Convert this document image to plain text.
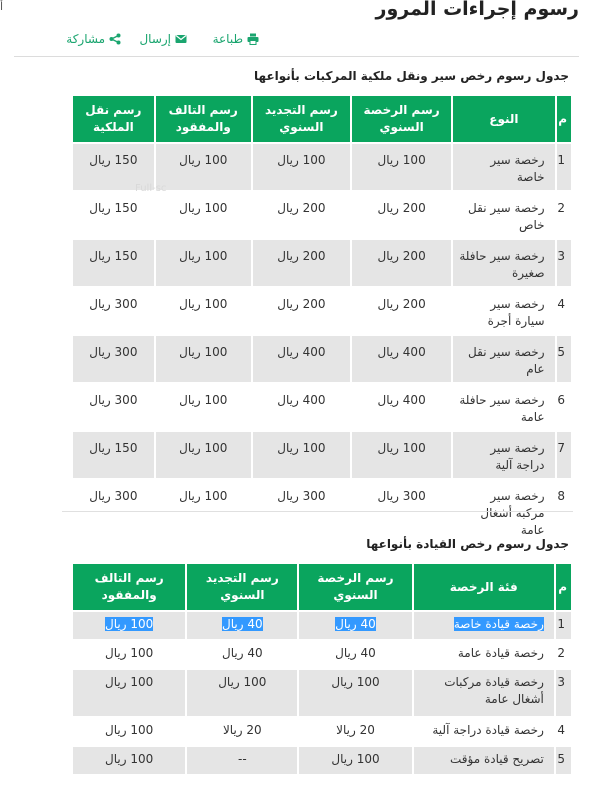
أ	رسوم إجراءات المرور
طباعة
إرسال
مشاركة
جدول رسوم رخص سير ونقل ملكية المركبات بأنواعها
م	النوع	رسم الرخصة السنوي	رسم التجديد السنوي	رسم التالف والمفقود	رسم نقل الملكية
1	رخصة سير خاصة	100 ريال	100 ريال	100 ريال	150 ريال
2	رخصة سير نقل خاص	200 ريال	200 ريال	100 ريال	150 ريال
3	رخصة سير حافلة صغيرة	200 ريال	200 ريال	100 ريال	150 ريال
4	رخصة سير سيارة أجرة	200 ريال	200 ريال	100 ريال	300 ريال
5	رخصة سير نقل عام	400 ريال	400 ريال	100 ريال	300 ريال
6	رخصة سير حافلة عامة	400 ريال	400 ريال	100 ريال	300 ريال
7	رخصة سير دراجة آلية	100 ريال	100 ريال	100 ريال	150 ريال
8	رخصة سير مركبة أشغال عامة	300 ريال	300 ريال	100 ريال	300 ريال
Full-sc
جدول رسوم رخص القيادة بأنواعها
م	فئة الرخصة	رسم الرخصة السنوي	رسم التجديد السنوي	رسم التالف والمفقود
1	رخصة قيادة خاصة	40 ريال	40 ريال	100 ريال
2	رخصة قيادة عامة	40 ريال	40 ريال	100 ريال
3	رخصة قيادة مركبات أشغال عامة	100 ريال	100 ريال	100 ريال
4	رخصة قيادة دراجة آلية	20 ريالا	20 ريالا	100 ريال
5	تصريح قيادة مؤقت	100 ريال	--	100 ريال
